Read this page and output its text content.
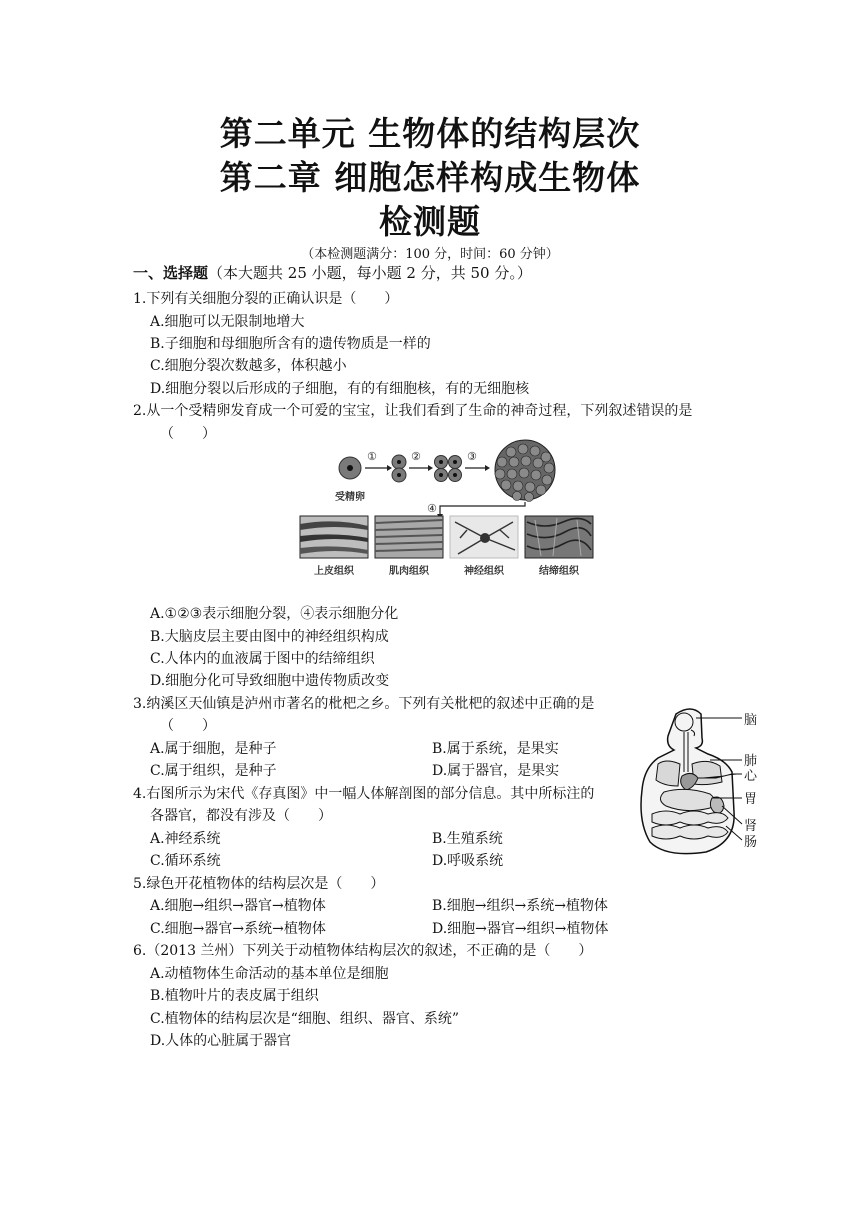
第二单元 生物体的结构层次
第二章 细胞怎样构成生物体
检测题
（本检测题满分：100 分，时间：60 分钟）
一、选择题（本大题共 25 小题，每小题 2 分，共 50 分。）
1.下列有关细胞分裂的正确认识是（　　）
A.细胞可以无限制地增大
B.子细胞和母细胞所含有的遗传物质是一样的
C.细胞分裂次数越多，体积越小
D.细胞分裂以后形成的子细胞，有的有细胞核，有的无细胞核
2.从一个受精卵发育成一个可爱的宝宝，让我们看到了生命的神奇过程，下列叙述错误的是
（　　）
受精卵
①	②	③
④
上皮组织	肌肉组织	神经组织	结缔组织
A.①②③表示细胞分裂，④表示细胞分化
B.大脑皮层主要由图中的神经组织构成
C.人体内的血液属于图中的结缔组织
D.细胞分化可导致细胞中遗传物质改变
3.纳溪区天仙镇是泸州市著名的枇杷之乡。下列有关枇杷的叙述中正确的是
（　　）
A.属于细胞，是种子	B.属于系统，是果实
C.属于组织，是种子	D.属于器官，是果实
脑
肺
心
胃
肾
肠
4.右图所示为宋代《存真图》中一幅人体解剖图的部分信息。其中所标注的
各器官，都没有涉及（　　）
A.神经系统	B.生殖系统
C.循环系统	D.呼吸系统
5.绿色开花植物体的结构层次是（　　）
A.细胞→组织→器官→植物体	B.细胞→组织→系统→植物体
C.细胞→器官→系统→植物体	D.细胞→器官→组织→植物体
6.（2013 兰州）下列关于动植物体结构层次的叙述，不正确的是（　　）
A.动植物体生命活动的基本单位是细胞
B.植物叶片的表皮属于组织
C.植物体的结构层次是“细胞、组织、器官、系统”
D.人体的心脏属于器官
